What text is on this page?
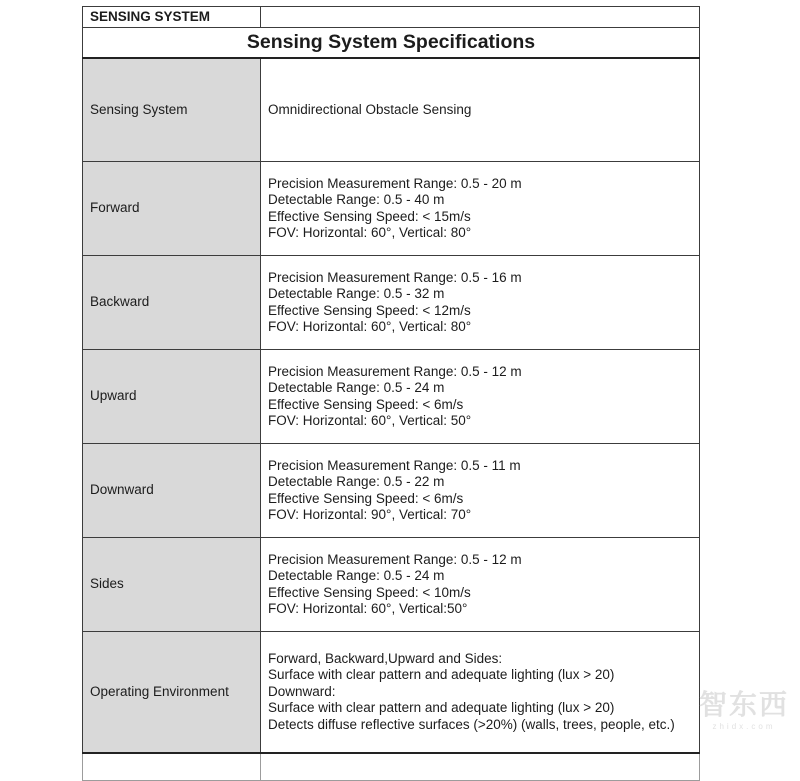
SENSING SYSTEM	
Sensing System Specifications	
Sensing System	Omnidirectional Obstacle Sensing

Forward	Precision Measurement Range: 0.5 - 20 m
Detectable Range: 0.5 - 40 m
Effective Sensing Speed: < 15m/s
FOV: Horizontal: 60°, Vertical: 80°

Backward	Precision Measurement Range: 0.5 - 16 m
Detectable Range: 0.5 - 32 m
Effective Sensing Speed: < 12m/s
FOV: Horizontal: 60°, Vertical: 80°

Upward	Precision Measurement Range: 0.5 - 12 m
Detectable Range: 0.5 - 24 m
Effective Sensing Speed: < 6m/s
FOV: Horizontal: 60°, Vertical: 50°

Downward	Precision Measurement Range: 0.5 - 11 m
Detectable Range: 0.5 - 22 m
Effective Sensing Speed: < 6m/s
FOV: Horizontal: 90°, Vertical: 70°

Sides	Precision Measurement Range: 0.5 - 12 m
Detectable Range: 0.5 - 24 m
Effective Sensing Speed: < 10m/s
FOV: Horizontal: 60°, Vertical:50°

Operating Environment	Forward, Backward,Upward and Sides:
Surface with clear pattern and adequate lighting (lux > 20)
Downward:
Surface with clear pattern and adequate lighting (lux > 20)
Detects diffuse reflective surfaces (>20%) (walls, trees, people, etc.)

智东西
zhidx.com
